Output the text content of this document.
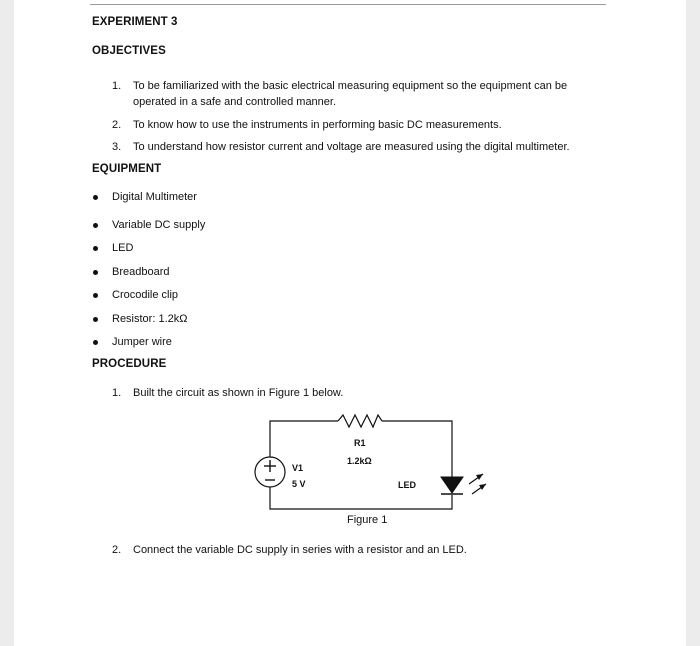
EXPERIMENT 3
OBJECTIVES
1. To be familiarized with the basic electrical measuring equipment so the equipment can be
operated in a safe and controlled manner.
2. To know how to use the instruments in performing basic DC measurements.
3. To understand how resistor current and voltage are measured using the digital multimeter.
EQUIPMENT
Digital Multimeter
Variable DC supply
LED
Breadboard
Crocodile clip
Resistor: 1.2kΩ
Jumper wire
PROCEDURE
1. Built the circuit as shown in Figure 1 below.
R1
1.2kΩ
V1
5 V	LED
Figure 1
2. Connect the variable DC supply in series with a resistor and an LED.
